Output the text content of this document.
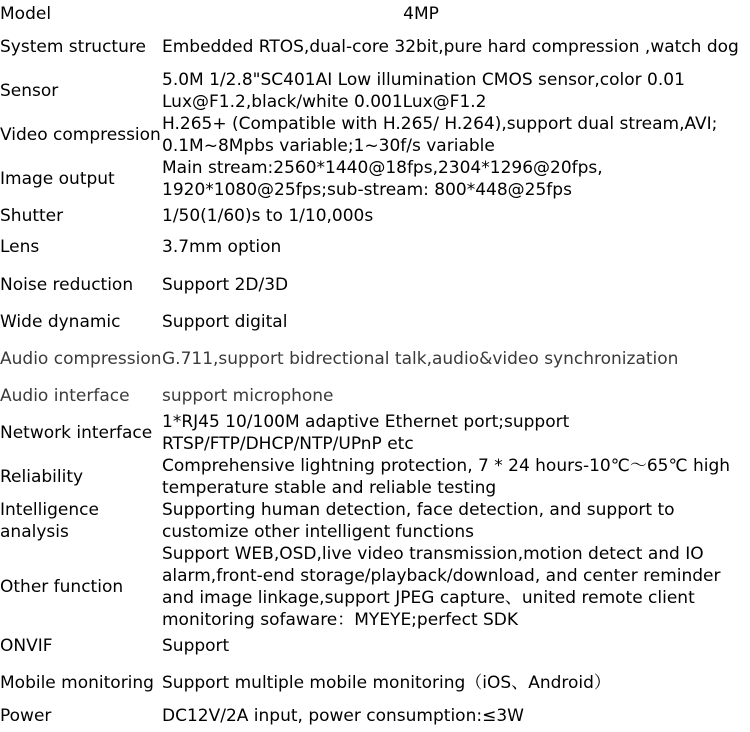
Model	4MP
System structure	Embedded RTOS,dual-core 32bit,pure hard compression ,watch dog
Sensor	5.0M 1/2.8"SC401AI Low illumination CMOS sensor,color 0.01 Lux@F1.2,black/white 0.001Lux@F1.2
Video compression	H.265+ (Compatible with H.265/ H.264),support dual stream,AVI; 0.1M~8Mpbs variable;1~30f/s variable
Image output	Main stream:2560*1440@18fps,2304*1296@20fps, 1920*1080@25fps;sub-stream: 800*448@25fps
Shutter	1/50(1/60)s to 1/10,000s
Lens	3.7mm option
Noise reduction	Support 2D/3D
Wide dynamic	Support digital
Audio compression	G.711,support bidrectional talk,audio&video synchronization
Audio interface	support microphone
Network interface	1*RJ45 10/100M adaptive Ethernet port;support RTSP/FTP/DHCP/NTP/UPnP etc
Reliability	Comprehensive lightning protection, 7 * 24 hours-10℃～65℃ high temperature stable and reliable testing
Intelligence analysis	Supporting human detection, face detection, and support to customize other intelligent functions
Other function	Support WEB,OSD,live video transmission,motion detect and IO alarm,front-end storage/playback/download, and center reminder and image linkage,support JPEG capture、united remote client monitoring sofaware：MYEYE;perfect SDK
ONVIF	Support
Mobile monitoring	Support multiple mobile monitoring（iOS、Android）
Power	DC12V/2A input, power consumption:≤3W
